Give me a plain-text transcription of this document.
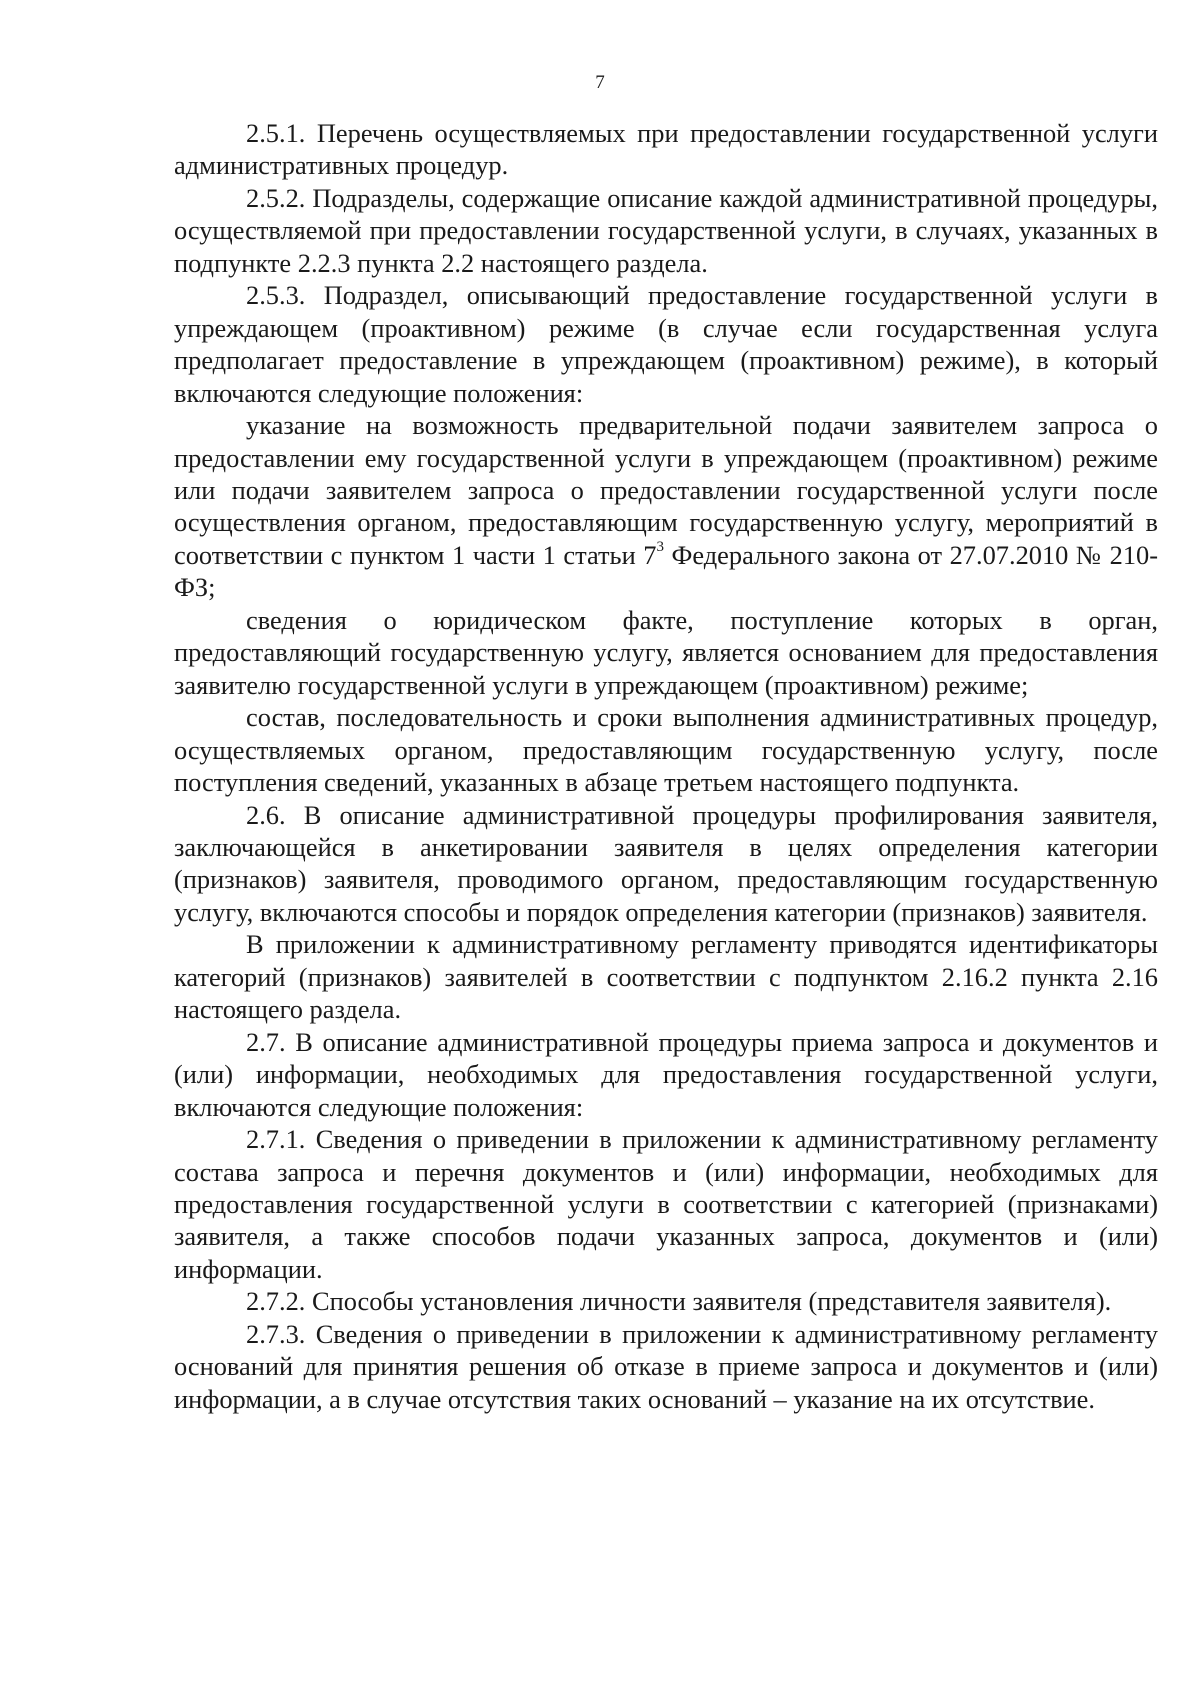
7

2.5.1. Перечень осуществляемых при предоставлении государственной услуги административных процедур.

2.5.2. Подразделы, содержащие описание каждой административной процедуры, осуществляемой при предоставлении государственной услуги, в случаях, указанных в подпункте 2.2.3 пункта 2.2 настоящего раздела.

2.5.3. Подраздел, описывающий предоставление государственной услуги в упреждающем (проактивном) режиме (в случае если государственная услуга предполагает предоставление в упреждающем (проактивном) режиме), в который включаются следующие положения:

указание на возможность предварительной подачи заявителем запроса о предоставлении ему государственной услуги в упреждающем (проактивном) режиме или подачи заявителем запроса о предоставлении государственной услуги после осуществления органом, предоставляющим государственную услугу, мероприятий в соответствии с пунктом 1 части 1 статьи $7^3$ Федерального закона от 27.07.2010 № 210-ФЗ;

сведения о юридическом факте, поступление которых в орган, предоставляющий государственную услугу, является основанием для предоставления заявителю государственной услуги в упреждающем (проактивном) режиме;

состав, последовательность и сроки выполнения административных процедур, осуществляемых органом, предоставляющим государственную услугу, после поступления сведений, указанных в абзаце третьем настоящего подпункта.

2.6. В описание административной процедуры профилирования заявителя, заключающейся в анкетировании заявителя в целях определения категории (признаков) заявителя, проводимого органом, предоставляющим государственную услугу, включаются способы и порядок определения категории (признаков) заявителя.

В приложении к административному регламенту приводятся идентификаторы категорий (признаков) заявителей в соответствии с подпунктом 2.16.2 пункта 2.16 настоящего раздела.

2.7. В описание административной процедуры приема запроса и документов и (или) информации, необходимых для предоставления государственной услуги, включаются следующие положения:

2.7.1. Сведения о приведении в приложении к административному регламенту состава запроса и перечня документов и (или) информации, необходимых для предоставления государственной услуги в соответствии с категорией (признаками) заявителя, а также способов подачи указанных запроса, документов и (или) информации.

2.7.2. Способы установления личности заявителя (представителя заявителя).

2.7.3. Сведения о приведении в приложении к административному регламенту оснований для принятия решения об отказе в приеме запроса и документов и (или) информации, а в случае отсутствия таких оснований – указание на их отсутствие.
